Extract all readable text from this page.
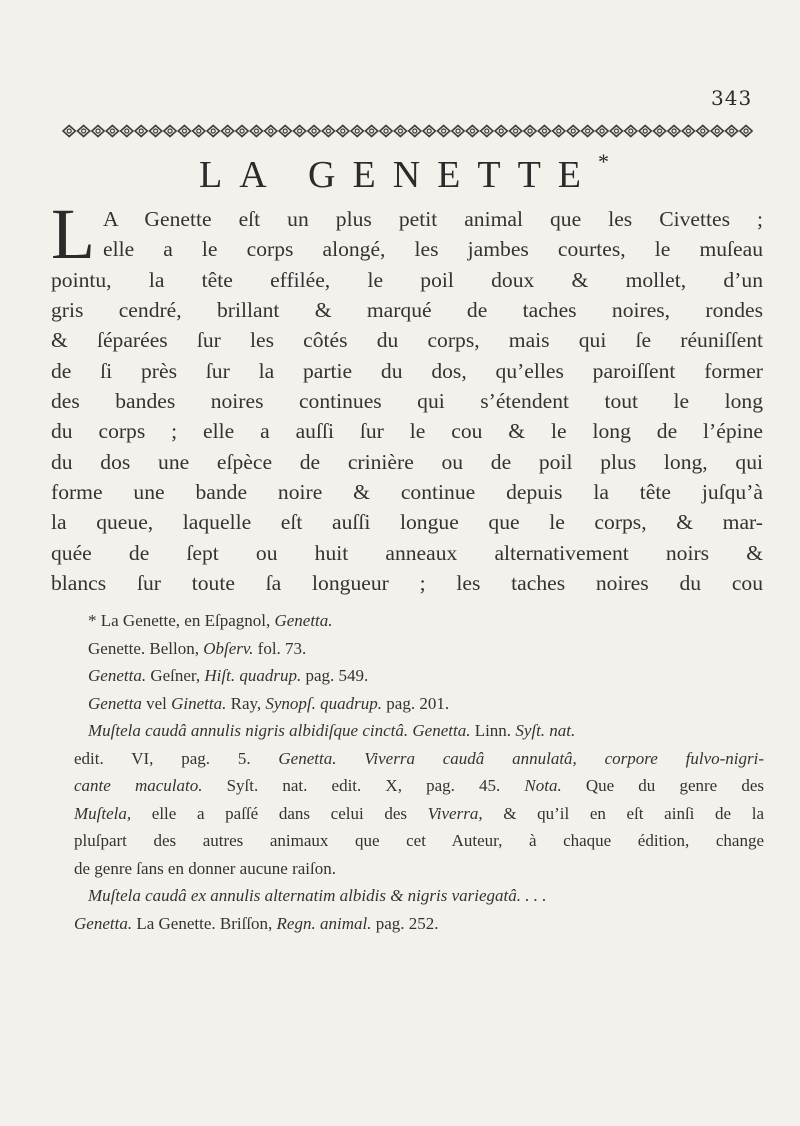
343
LA GENETTE*
L A Genette eſt un plus petit animal que les Civettes ;
elle a le corps alongé, les jambes courtes, le muſeau
pointu, la tête effilée, le poil doux & mollet, d’un
gris cendré, brillant & marqué de taches noires, rondes
& ſéparées ſur les côtés du corps, mais qui ſe réuniſſent
de ſi près ſur la partie du dos, qu’elles paroiſſent former
des bandes noires continues qui s’étendent tout le long
du corps ; elle a auſſi ſur le cou & le long de l’épine
du dos une eſpèce de crinière ou de poil plus long, qui
forme une bande noire & continue depuis la tête juſqu’à
la queue, laquelle eſt auſſi longue que le corps, & mar-
quée de ſept ou huit anneaux alternativement noirs &
blancs ſur toute ſa longueur ; les taches noires du cou
* La Genette, en Eſpagnol, Genetta.
Genette. Bellon, Obſerv. fol. 73.
Genetta. Geſner, Hiſt. quadrup. pag. 549.
Genetta vel Ginetta. Ray, Synopſ. quadrup. pag. 201.
Muſtela caudâ annulis nigris albidiſque cinctâ. Genetta. Linn. Syſt. nat.
edit. VI, pag. 5. Genetta. Viverra caudâ annulatâ, corpore fulvo-nigri-
cante maculato. Syſt. nat. edit. X, pag. 45. Nota. Que du genre des
Muſtela, elle a paſſé dans celui des Viverra, & qu’il en eſt ainſi de la
pluſpart des autres animaux que cet Auteur, à chaque édition, change
de genre ſans en donner aucune raiſon.
Muſtela caudâ ex annulis alternatim albidis & nigris variegatâ. . . .
Genetta. La Genette. Briſſon, Regn. animal. pag. 252.
